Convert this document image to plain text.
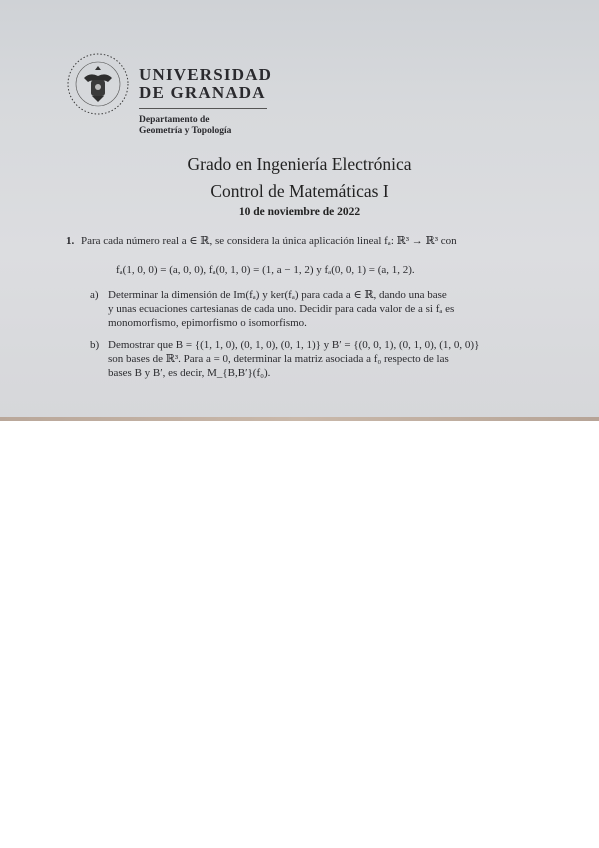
UNIVERSIDAD
DE GRANADA
Departamento de
Geometría y Topología
Grado en Ingeniería Electrónica
Control de Matemáticas I
10 de noviembre de 2022
1. Para cada número real a ∈ ℝ, se considera la única aplicación lineal fₐ: ℝ³ → ℝ³ con
fₐ(1, 0, 0) = (a, 0, 0), fₐ(0, 1, 0) = (1, a − 1, 2) y fₐ(0, 0, 1) = (a, 1, 2).
a) Determinar la dimensión de Im(fₐ) y ker(fₐ) para cada a ∈ ℝ, dando una base
y unas ecuaciones cartesianas de cada uno. Decidir para cada valor de a si fₐ es
monomorfismo, epimorfismo o isomorfismo.
b) Demostrar que B = {(1, 1, 0), (0, 1, 0), (0, 1, 1)} y B′ = {(0, 0, 1), (0, 1, 0), (1, 0, 0)}
son bases de ℝ³. Para a = 0, determinar la matriz asociada a f₀ respecto de las
bases B y B′, es decir, M_{B,B′}(f₀).
